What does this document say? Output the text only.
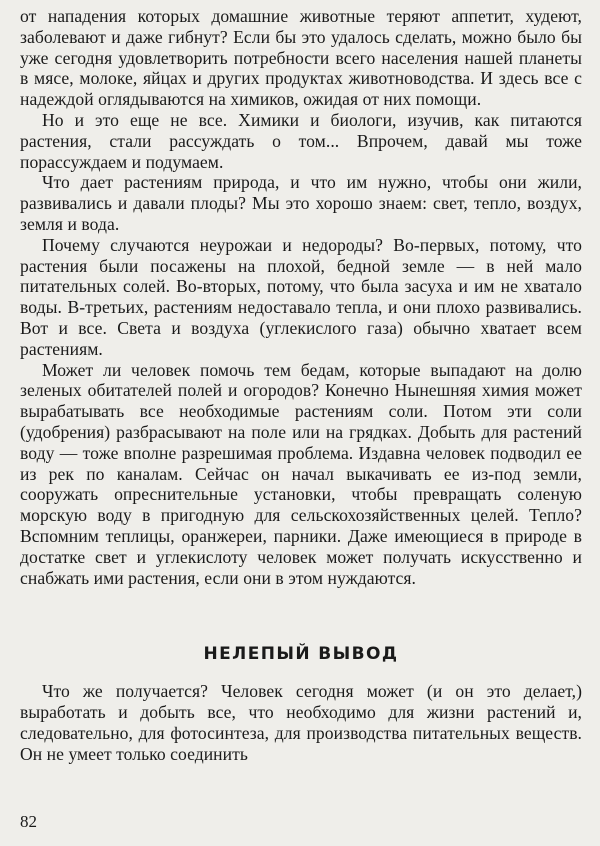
от нападения которых домашние животные теряют аппетит, худеют, заболевают и даже гибнут? Если бы это удалось сделать, можно было бы уже сегодня удовлетворить потребности всего населения нашей планеты в мясе, молоке, яйцах и других продуктах животноводства. И здесь все с надеждой оглядываются на химиков, ожидая от них помощи.

Но и это еще не все. Химики и биологи, изучив, как питаются растения, стали рассуждать о том... Впрочем, давай мы тоже порассуждаем и подумаем.

Что дает растениям природа, и что им нужно, чтобы они жили, развивались и давали плоды? Мы это хорошо знаем: свет, тепло, воздух, земля и вода.

Почему случаются неурожаи и недороды? Во-первых, потому, что растения были посажены на плохой, бедной земле — в ней мало питательных солей. Во-вторых, потому, что была засуха и им не хватало воды. В-третьих, растениям недоставало тепла, и они плохо развивались. Вот и все. Света и воздуха (углекислого газа) обычно хватает всем растениям.

Может ли человек помочь тем бедам, которые выпадают на долю зеленых обитателей полей и огородов? Конечно Нынешняя химия может вырабатывать все необходимые растениям соли. Потом эти соли (удобрения) разбрасывают на поле или на грядках. Добыть для растений воду — тоже вполне разрешимая проблема. Издавна человек подводил ее из рек по каналам. Сейчас он начал выкачивать ее из-под земли, сооружать опреснительные установки, чтобы превращать соленую морскую воду в пригодную для сельскохозяйственных целей. Тепло? Вспомним теплицы, оранжереи, парники. Даже имеющиеся в природе в достатке свет и углекислоту человек может получать искусственно и снабжать ими растения, если они в этом нуждаются.

НЕЛЕПЫЙ ВЫВОД

Что же получается? Человек сегодня может (и он это делает,) выработать и добыть все, что необходимо для жизни растений и, следовательно, для фотосинтеза, для производства питательных веществ. Он не умеет только соединить

82
